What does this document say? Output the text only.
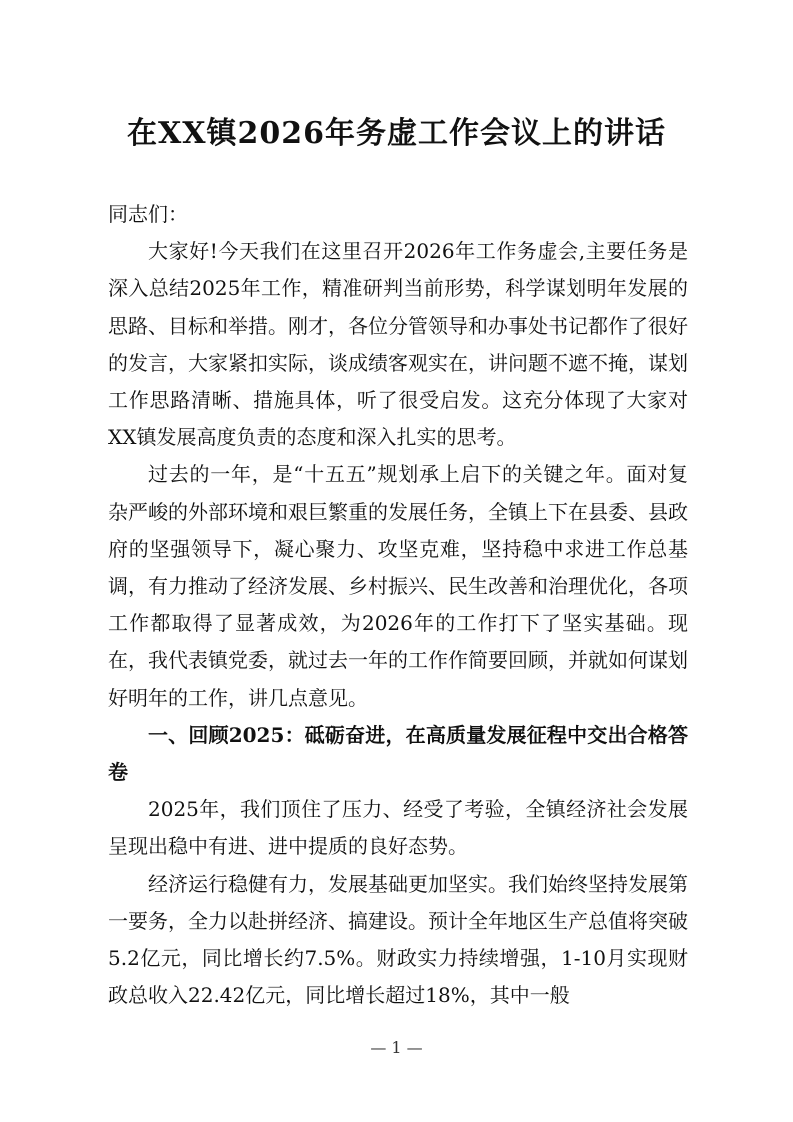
在XX镇2026年务虚工作会议上的讲话

同志们：

大家好!今天我们在这里召开2026年工作务虚会,主要任务是深入总结2025年工作，精准研判当前形势，科学谋划明年发展的思路、目标和举措。刚才，各位分管领导和办事处书记都作了很好的发言，大家紧扣实际，谈成绩客观实在，讲问题不遮不掩，谋划工作思路清晰、措施具体，听了很受启发。这充分体现了大家对XX镇发展高度负责的态度和深入扎实的思考。

过去的一年，是“十五五”规划承上启下的关键之年。面对复杂严峻的外部环境和艰巨繁重的发展任务，全镇上下在县委、县政府的坚强领导下，凝心聚力、攻坚克难，坚持稳中求进工作总基调，有力推动了经济发展、乡村振兴、民生改善和治理优化，各项工作都取得了显著成效，为2026年的工作打下了坚实基础。现在，我代表镇党委，就过去一年的工作作简要回顾，并就如何谋划好明年的工作，讲几点意见。

一、回顾2025：砥砺奋进，在高质量发展征程中交出合格答卷

2025年，我们顶住了压力、经受了考验，全镇经济社会发展呈现出稳中有进、进中提质的良好态势。

经济运行稳健有力，发展基础更加坚实。我们始终坚持发展第一要务，全力以赴拼经济、搞建设。预计全年地区生产总值将突破5.2亿元，同比增长约7.5%。财政实力持续增强，1-10月实现财政总收入22.42亿元，同比增长超过18%，其中一般

— 1 —
